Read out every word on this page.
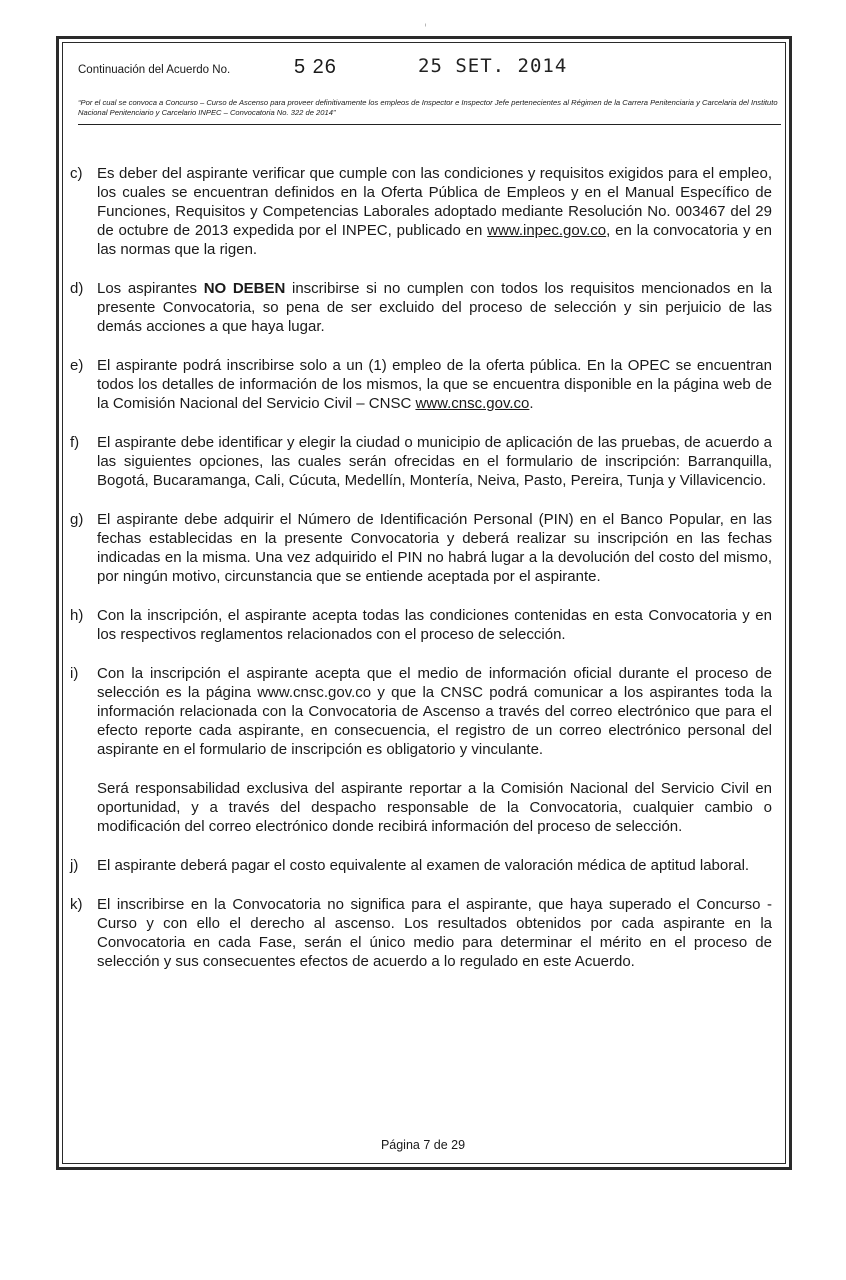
ⁱ
Continuación del Acuerdo No.	5 26	25 SET. 2014
“Por el cual se convoca a Concurso – Curso de Ascenso para proveer definitivamente los empleos de Inspector e Inspector Jefe pertenecientes al Régimen de la Carrera Penitenciaria y Carcelaria del Instituto Nacional Penitenciario y Carcelario INPEC – Convocatoria No. 322 de 2014”
c) Es deber del aspirante verificar que cumple con las condiciones y requisitos exigidos para el empleo, los cuales se encuentran definidos en la Oferta Pública de Empleos y en el Manual Específico de Funciones, Requisitos y Competencias Laborales adoptado mediante Resolución No. 003467 del 29 de octubre de 2013 expedida por el INPEC, publicado en www.inpec.gov.co, en la convocatoria y en las normas que la rigen.
d) Los aspirantes NO DEBEN inscribirse si no cumplen con todos los requisitos mencionados en la presente Convocatoria, so pena de ser excluido del proceso de selección y sin perjuicio de las demás acciones a que haya lugar.
e) El aspirante podrá inscribirse solo a un (1) empleo de la oferta pública. En la OPEC se encuentran todos los detalles de información de los mismos, la que se encuentra disponible en la página web de la Comisión Nacional del Servicio Civil – CNSC www.cnsc.gov.co.
f)	El aspirante debe identificar y elegir la ciudad o municipio de aplicación de las pruebas, de acuerdo a las siguientes opciones, las cuales serán ofrecidas en el formulario de inscripción: Barranquilla, Bogotá, Bucaramanga, Cali, Cúcuta, Medellín, Montería, Neiva, Pasto, Pereira, Tunja y Villavicencio.
g) El aspirante debe adquirir el Número de Identificación Personal (PIN) en el Banco Popular, en las fechas establecidas en la presente Convocatoria y deberá realizar su inscripción en las fechas indicadas en la misma. Una vez adquirido el PIN no habrá lugar a la devolución del costo del mismo, por ningún motivo, circunstancia que se entiende aceptada por el aspirante.
h) Con la inscripción, el aspirante acepta todas las condiciones contenidas en esta Convocatoria y en los respectivos reglamentos relacionados con el proceso de selección.
i)	Con la inscripción el aspirante acepta que el medio de información oficial durante el proceso de selección es la página www.cnsc.gov.co y que la CNSC podrá comunicar a los aspirantes toda la información relacionada con la Convocatoria de Ascenso a través del correo electrónico que para el efecto reporte cada aspirante, en consecuencia, el registro de un correo electrónico personal del aspirante en el formulario de inscripción es obligatorio y vinculante.

Será responsabilidad exclusiva del aspirante reportar a la Comisión Nacional del Servicio Civil en oportunidad, y a través del despacho responsable de la Convocatoria, cualquier cambio o modificación del correo electrónico donde recibirá información del proceso de selección.

j)	El aspirante deberá pagar el costo equivalente al examen de valoración médica de aptitud laboral.
k) El inscribirse en la Convocatoria no significa para el aspirante, que haya superado el Concurso - Curso y con ello el derecho al ascenso. Los resultados obtenidos por cada aspirante en la Convocatoria en cada Fase, serán el único medio para determinar el mérito en el proceso de selección y sus consecuentes efectos de acuerdo a lo regulado en este Acuerdo.
Página 7 de 29
